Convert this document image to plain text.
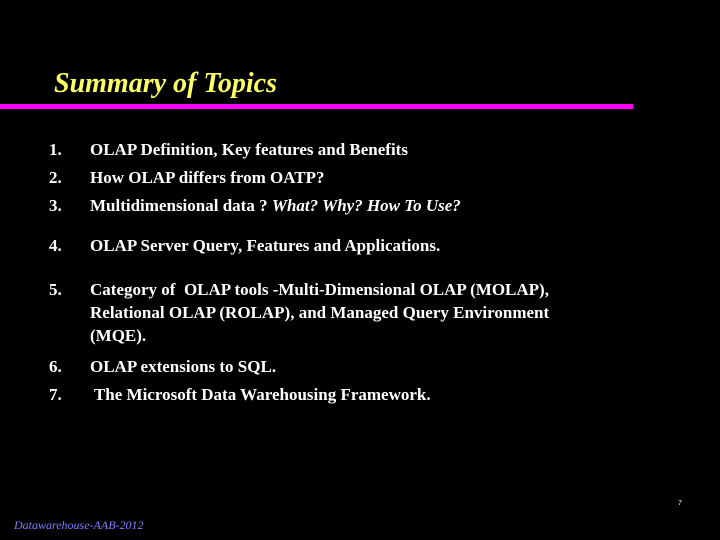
Summary of Topics
1. OLAP Definition, Key features and Benefits
2. How OLAP differs from OATP?
3. Multidimensional data ? What? Why? How To Use?
4. OLAP Server Query, Features and Applications.
5. Category of  OLAP tools -Multi-Dimensional OLAP (MOLAP),
Relational OLAP (ROLAP), and Managed Query Environment
(MQE).
6. OLAP extensions to SQL.
7. The Microsoft Data Warehousing Framework.
7
Datawarehouse-AAB-2012
